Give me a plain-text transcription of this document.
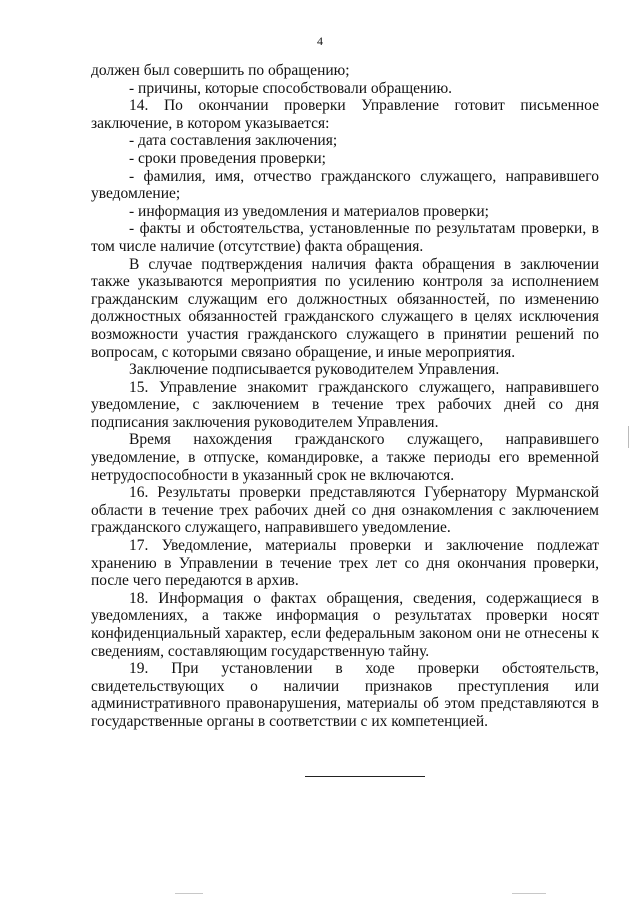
4

должен был совершить по обращению;

- причины, которые способствовали обращению.

14. По окончании проверки Управление готовит письменное заключение, в котором указывается:

- дата составления заключения;

- сроки проведения проверки;

- фамилия, имя, отчество гражданского служащего, направившего уведомление;

- информация из уведомления и материалов проверки;

- факты и обстоятельства, установленные по результатам проверки, в том числе наличие (отсутствие) факта обращения.

В случае подтверждения наличия факта обращения в заключении также указываются мероприятия по усилению контроля за исполнением гражданским служащим его должностных обязанностей, по изменению должностных обязанностей гражданского служащего в целях исключения возможности участия гражданского служащего в принятии решений по вопросам, с которыми связано обращение, и иные мероприятия.

Заключение подписывается руководителем Управления.

15. Управление знакомит гражданского служащего, направившего уведомление, с заключением в течение трех рабочих дней со дня подписания заключения руководителем Управления.

Время нахождения гражданского служащего, направившего уведомление, в отпуске, командировке, а также периоды его временной нетрудоспособности в указанный срок не включаются.

16. Результаты проверки представляются Губернатору Мурманской области в течение трех рабочих дней со дня ознакомления с заключением гражданского служащего, направившего уведомление.

17. Уведомление, материалы проверки и заключение подлежат хранению в Управлении в течение трех лет со дня окончания проверки, после чего передаются в архив.

18. Информация о фактах обращения, сведения, содержащиеся в уведомлениях, а также информация о результатах проверки носят конфиденциальный характер, если федеральным законом они не отнесены к сведениям, составляющим государственную тайну.

19. При установлении в ходе проверки обстоятельств, свидетельствующих о наличии признаков преступления или административного правонарушения, материалы об этом представляются в государственные органы в соответствии с их компетенцией.
